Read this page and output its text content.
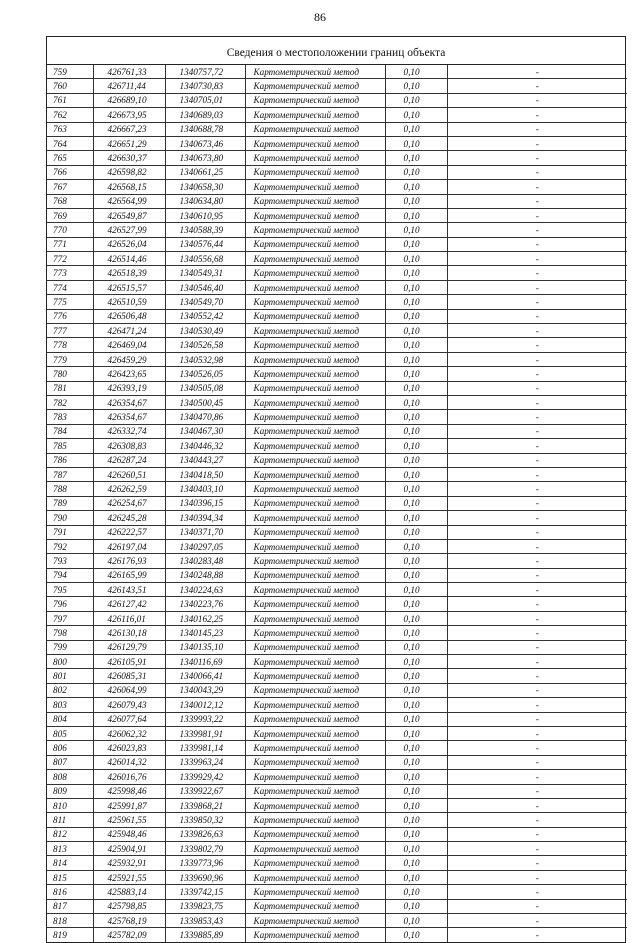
86
Сведения о местоположении границ объекта
759	426761,33	1340757,72	Картометрический метод	0,10	-
760	426711,44	1340730,83	Картометрический метод	0,10	-
761	426689,10	1340705,01	Картометрический метод	0,10	-
762	426673,95	1340689,03	Картометрический метод	0,10	-
763	426667,23	1340688,78	Картометрический метод	0,10	-
764	426651,29	1340673,46	Картометрический метод	0,10	-
765	426630,37	1340673,80	Картометрический метод	0,10	-
766	426598,82	1340661,25	Картометрический метод	0,10	-
767	426568,15	1340658,30	Картометрический метод	0,10	-
768	426564,99	1340634,80	Картометрический метод	0,10	-
769	426549,87	1340610,95	Картометрический метод	0,10	-
770	426527,99	1340588,39	Картометрический метод	0,10	-
771	426526,04	1340576,44	Картометрический метод	0,10	-
772	426514,46	1340556,68	Картометрический метод	0,10	-
773	426518,39	1340549,31	Картометрический метод	0,10	-
774	426515,57	1340546,40	Картометрический метод	0,10	-
775	426510,59	1340549,70	Картометрический метод	0,10	-
776	426506,48	1340552,42	Картометрический метод	0,10	-
777	426471,24	1340530,49	Картометрический метод	0,10	-
778	426469,04	1340526,58	Картометрический метод	0,10	-
779	426459,29	1340532,98	Картометрический метод	0,10	-
780	426423,65	1340526,05	Картометрический метод	0,10	-
781	426393,19	1340505,08	Картометрический метод	0,10	-
782	426354,67	1340500,45	Картометрический метод	0,10	-
783	426354,67	1340470,86	Картометрический метод	0,10	-
784	426332,74	1340467,30	Картометрический метод	0,10	-
785	426308,83	1340446,32	Картометрический метод	0,10	-
786	426287,24	1340443,27	Картометрический метод	0,10	-
787	426260,51	1340418,50	Картометрический метод	0,10	-
788	426262,59	1340403,10	Картометрический метод	0,10	-
789	426254,67	1340396,15	Картометрический метод	0,10	-
790	426245,28	1340394,34	Картометрический метод	0,10	-
791	426222,57	1340371,70	Картометрический метод	0,10	-
792	426197,04	1340297,05	Картометрический метод	0,10	-
793	426176,93	1340283,48	Картометрический метод	0,10	-
794	426165,99	1340248,88	Картометрический метод	0,10	-
795	426143,51	1340224,63	Картометрический метод	0,10	-
796	426127,42	1340223,76	Картометрический метод	0,10	-
797	426116,01	1340162,25	Картометрический метод	0,10	-
798	426130,18	1340145,23	Картометрический метод	0,10	-
799	426129,79	1340135,10	Картометрический метод	0,10	-
800	426105,91	1340116,69	Картометрический метод	0,10	-
801	426085,31	1340066,41	Картометрический метод	0,10	-
802	426064,99	1340043,29	Картометрический метод	0,10	-
803	426079,43	1340012,12	Картометрический метод	0,10	-
804	426077,64	1339993,22	Картометрический метод	0,10	-
805	426062,32	1339981,91	Картометрический метод	0,10	-
806	426023,83	1339981,14	Картометрический метод	0,10	-
807	426014,32	1339963,24	Картометрический метод	0,10	-
808	426016,76	1339929,42	Картометрический метод	0,10	-
809	425998,46	1339922,67	Картометрический метод	0,10	-
810	425991,87	1339868,21	Картометрический метод	0,10	-
811	425961,55	1339850,32	Картометрический метод	0,10	-
812	425948,46	1339826,63	Картометрический метод	0,10	-
813	425904,91	1339802,79	Картометрический метод	0,10	-
814	425932,91	1339773,96	Картометрический метод	0,10	-
815	425921,55	1339690,96	Картометрический метод	0,10	-
816	425883,14	1339742,15	Картометрический метод	0,10	-
817	425798,85	1339823,75	Картометрический метод	0,10	-
818	425768,19	1339853,43	Картометрический метод	0,10	-
819	425782,09	1339885,89	Картометрический метод	0,10	-
